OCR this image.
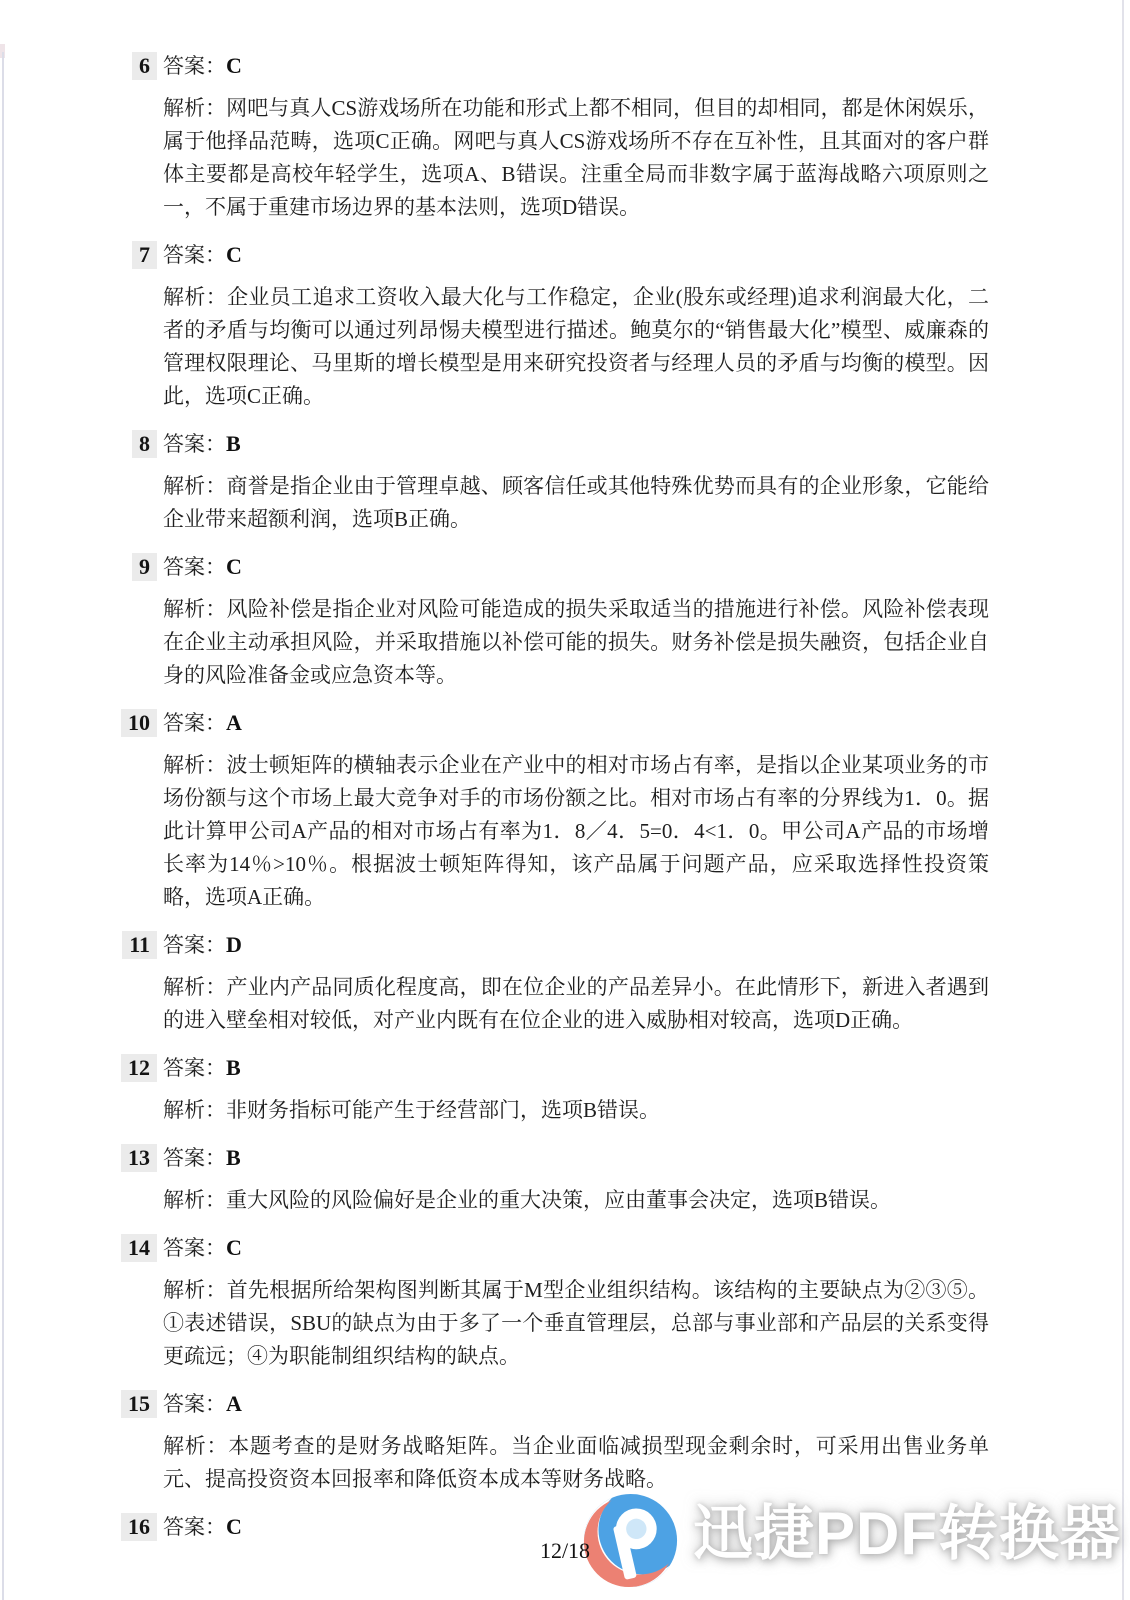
6 答案： C

解析：网吧与真人CS游戏场所在功能和形式上都不相同，但目的却相同，都是休闲娱乐，属于他择品范畴，选项C正确。网吧与真人CS游戏场所不存在互补性，且其面对的客户群体主要都是高校年轻学生，选项A、B错误。注重全局而非数字属于蓝海战略六项原则之一，不属于重建市场边界的基本法则，选项D错误。

7 答案： C

解析：企业员工追求工资收入最大化与工作稳定，企业(股东或经理)追求利润最大化，二者的矛盾与均衡可以通过列昂惕夫模型进行描述。鲍莫尔的“销售最大化”模型、威廉森的管理权限理论、马里斯的增长模型是用来研究投资者与经理人员的矛盾与均衡的模型。因此，选项C正确。

8 答案： B

解析：商誉是指企业由于管理卓越、顾客信任或其他特殊优势而具有的企业形象，它能给企业带来超额利润，选项B正确。

9 答案： C

解析：风险补偿是指企业对风险可能造成的损失采取适当的措施进行补偿。风险补偿表现在企业主动承担风险，并采取措施以补偿可能的损失。财务补偿是损失融资，包括企业自身的风险准备金或应急资本等。

10 答案： A

解析：波士顿矩阵的横轴表示企业在产业中的相对市场占有率，是指以企业某项业务的市场份额与这个市场上最大竞争对手的市场份额之比。相对市场占有率的分界线为1．0。据此计算甲公司A产品的相对市场占有率为1．8／4．5=0．4<1．0。甲公司A产品的市场增长率为14％>10％。根据波士顿矩阵得知，该产品属于问题产品，应采取选择性投资策略，选项A正确。

11 答案： D

解析：产业内产品同质化程度高，即在位企业的产品差异小。在此情形下，新进入者遇到的进入壁垒相对较低，对产业内既有在位企业的进入威胁相对较高，选项D正确。

12 答案： B

解析：非财务指标可能产生于经营部门，选项B错误。

13 答案： B

解析：重大风险的风险偏好是企业的重大决策，应由董事会决定，选项B错误。

14 答案： C

解析：首先根据所给架构图判断其属于M型企业组织结构。该结构的主要缺点为②③⑤。①表述错误，SBU的缺点为由于多了一个垂直管理层，总部与事业部和产品层的关系变得更疏远；④为职能制组织结构的缺点。

15 答案： A

解析：本题考查的是财务战略矩阵。当企业面临减损型现金剩余时，可采用出售业务单元、提高投资资本回报率和降低资本成本等财务战略。

16 答案： C	迅捷PDF转换器
12/18
